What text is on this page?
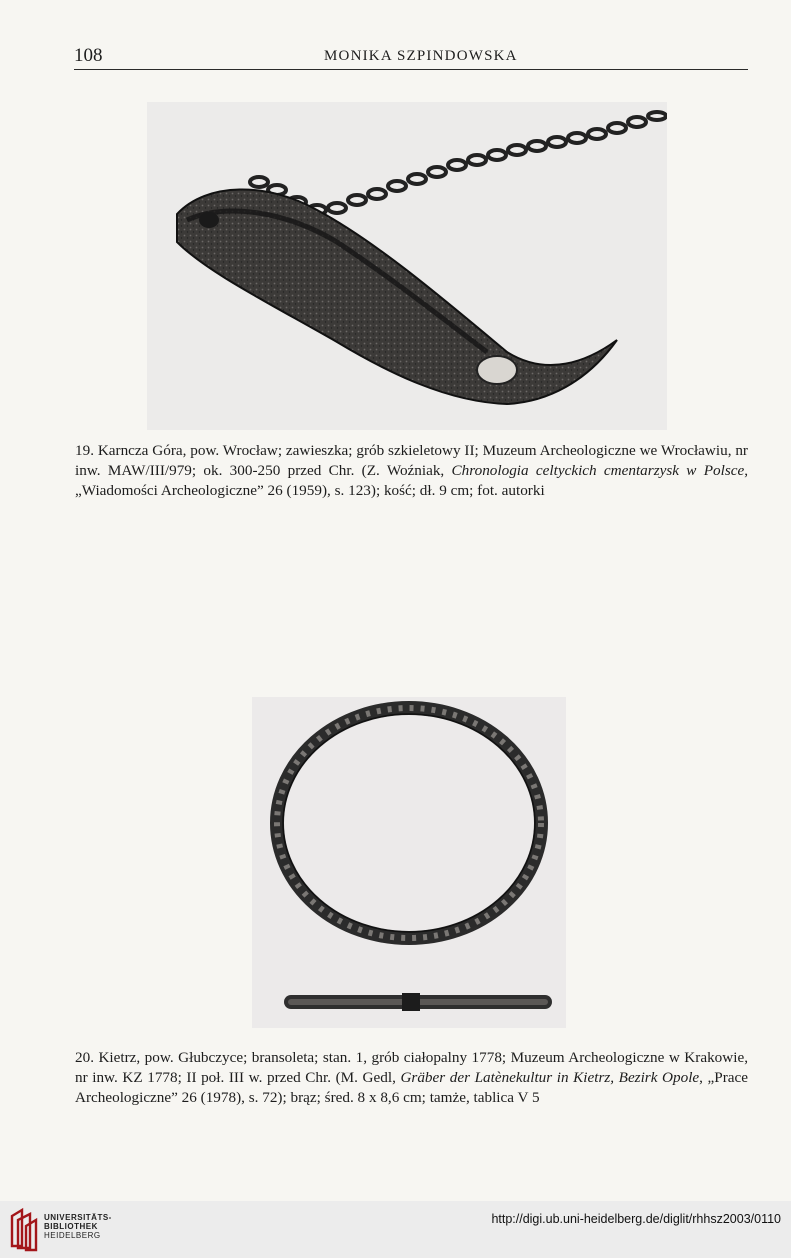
108	MONIKA SZPINDOWSKA
19. Karncza Góra, pow. Wrocław; zawieszka; grób szkieletowy II; Muzeum Archeologiczne we Wrocławiu, nr inw. MAW/III/979; ok. 300-250 przed Chr. (Z. Woźniak, Chronologia celtyckich cmentarzysk w Polsce, „Wiadomości Archeologiczne” 26 (1959), s. 123); kość; dł. 9 cm; fot. autorki
20. Kietrz, pow. Głubczyce; bransoleta; stan. 1, grób ciałopalny 1778; Muzeum Archeologiczne w Krakowie, nr inw. KZ 1778; II poł. III w. przed Chr. (M. Gedl, Gräber der Latènekultur in Kietrz, Bezirk Opole, „Prace Archeologiczne” 26 (1978), s. 72); brąz; śred. 8 x 8,6 cm; tamże, tablica V 5
UNIVERSITÄTS-
BIBLIOTHEK
HEIDELBERG
http://digi.ub.uni-heidelberg.de/diglit/rhhsz2003/0110
